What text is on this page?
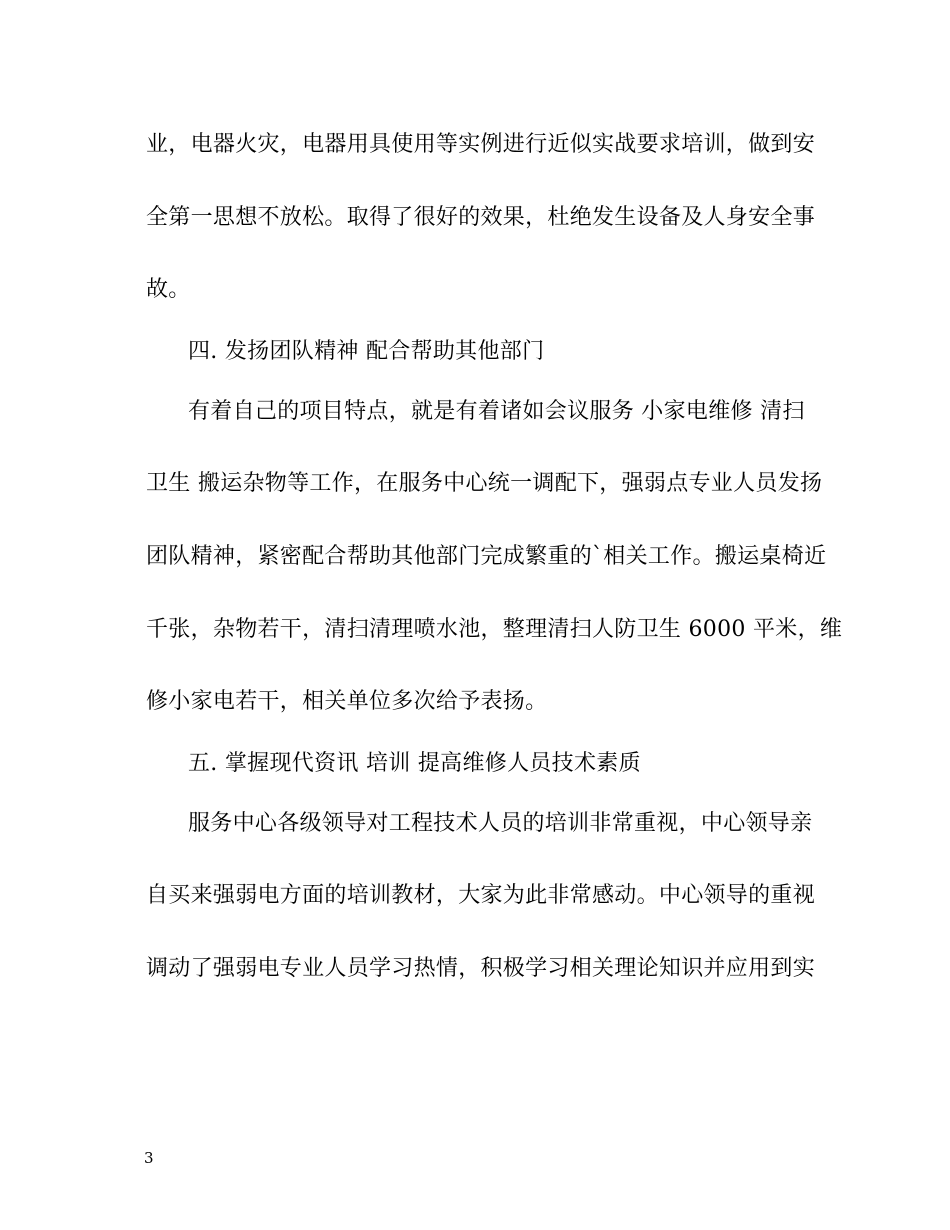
业，电器火灾，电器用具使用等实例进行近似实战要求培训，做到安
全第一思想不放松。取得了很好的效果，杜绝发生设备及人身安全事
故。
四. 发扬团队精神 配合帮助其他部门
有着自己的项目特点，就是有着诸如会议服务 小家电维修 清扫
卫生 搬运杂物等工作，在服务中心统一调配下，强弱点专业人员发扬
团队精神，紧密配合帮助其他部门完成繁重的`相关工作。搬运桌椅近
千张，杂物若干，清扫清理喷水池，整理清扫人防卫生 6000 平米，维
修小家电若干，相关单位多次给予表扬。
五. 掌握现代资讯 培训 提高维修人员技术素质
服务中心各级领导对工程技术人员的培训非常重视，中心领导亲
自买来强弱电方面的培训教材，大家为此非常感动。中心领导的重视
调动了强弱电专业人员学习热情，积极学习相关理论知识并应用到实
3
